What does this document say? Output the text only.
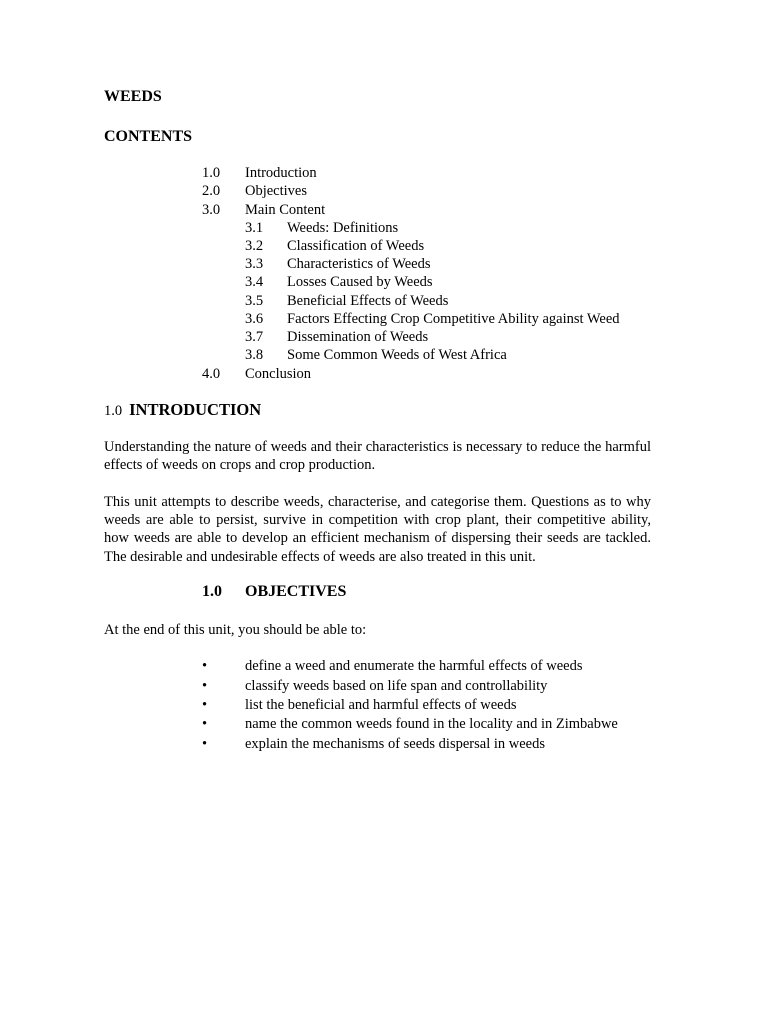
WEEDS
CONTENTS
1.0 Introduction
2.0 Objectives
3.0 Main Content
3.1 Weeds: Definitions
3.2 Classification of Weeds
3.3 Characteristics of Weeds
3.4 Losses Caused by Weeds
3.5 Beneficial Effects of Weeds
3.6 Factors Effecting Crop Competitive Ability against Weed
3.7 Dissemination of Weeds
3.8 Some Common Weeds of West Africa
4.0 Conclusion
1.0 INTRODUCTION
Understanding the nature of weeds and their characteristics is necessary to reduce the harmful effects of weeds on crops and crop production.
This unit attempts to describe weeds, characterise, and categorise them. Questions as to why weeds are able to persist, survive in competition with crop plant, their competitive ability, how weeds are able to develop an efficient mechanism of dispersing their seeds are tackled. The desirable and undesirable effects of weeds are also treated in this unit.
1.0 OBJECTIVES
At the end of this unit, you should be able to:
•	define a weed and enumerate the harmful effects of weeds
•	classify weeds based on life span and controllability
•	list the beneficial and harmful effects of weeds
•	name the common weeds found in the locality and in Zimbabwe
•	explain the mechanisms of seeds dispersal in weeds
